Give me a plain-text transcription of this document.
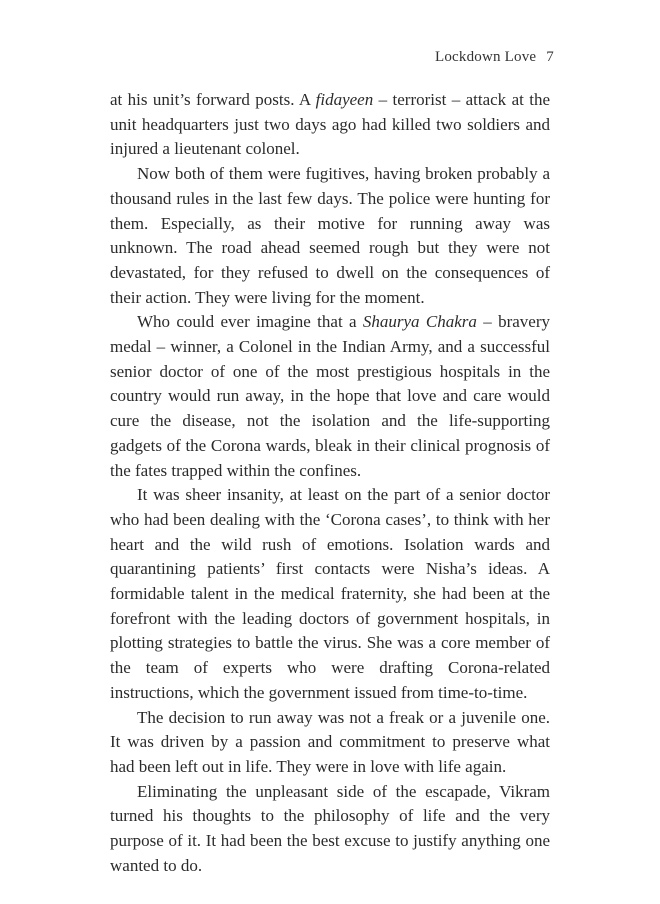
Lockdown Love 7

at his unit’s forward posts. A fidayeen – terrorist – attack at the unit headquarters just two days ago had killed two soldiers and injured a lieutenant colonel.

Now both of them were fugitives, having broken probably a thousand rules in the last few days. The police were hunting for them. Especially, as their motive for running away was unknown. The road ahead seemed rough but they were not devastated, for they refused to dwell on the consequences of their action. They were living for the moment.

Who could ever imagine that a Shaurya Chakra – bravery medal – winner, a Colonel in the Indian Army, and a successful senior doctor of one of the most prestigious hospitals in the country would run away, in the hope that love and care would cure the disease, not the isolation and the life-supporting gadgets of the Corona wards, bleak in their clinical prognosis of the fates trapped within the confines.

It was sheer insanity, at least on the part of a senior doctor who had been dealing with the ‘Corona cases’, to think with her heart and the wild rush of emotions. Isolation wards and quarantining patients’ first contacts were Nisha’s ideas. A formidable talent in the medical fraternity, she had been at the forefront with the leading doctors of government hospitals, in plotting strategies to battle the virus. She was a core member of the team of experts who were drafting Corona-related instructions, which the government issued from time-to-time.

The decision to run away was not a freak or a juvenile one. It was driven by a passion and commitment to preserve what had been left out in life. They were in love with life again.

Eliminating the unpleasant side of the escapade, Vikram turned his thoughts to the philosophy of life and the very purpose of it. It had been the best excuse to justify anything one wanted to do.
